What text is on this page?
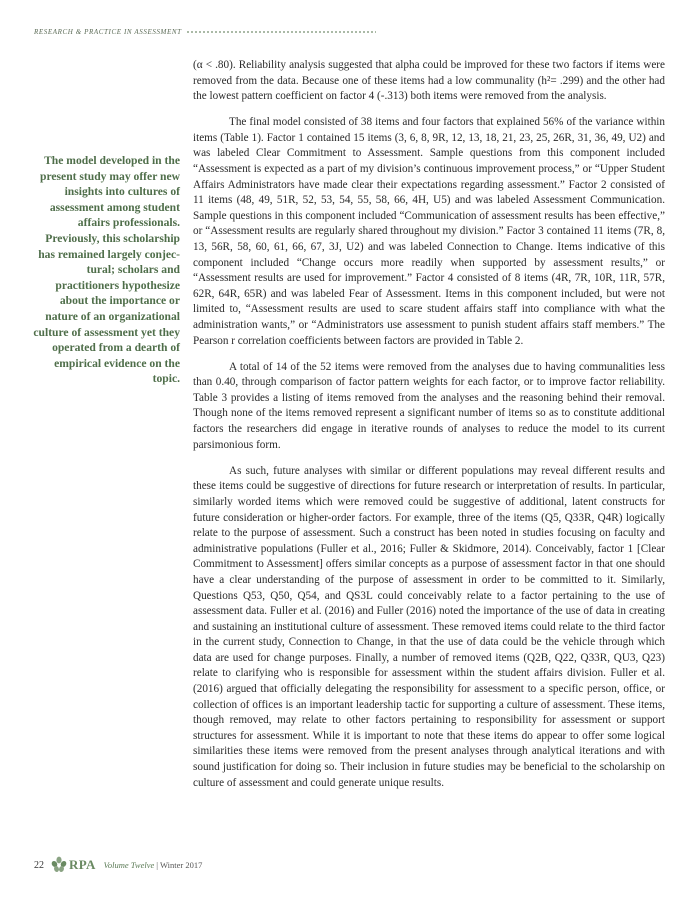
RESEARCH & PRACTICE IN ASSESSMENT

The model developed in the present study may offer new insights into cultures of assessment among student affairs professionals. Previously, this scholarship has remained largely conjectural; scholars and practitioners hypothesize about the importance or nature of an organizational culture of assessment yet they operated from a dearth of empirical evidence on the topic.

(α < .80). Reliability analysis suggested that alpha could be improved for these two factors if items were removed from the data. Because one of these items had a low communality (h²= .299) and the other had the lowest pattern coefficient on factor 4 (-.313) both items were removed from the analysis.

The final model consisted of 38 items and four factors that explained 56% of the variance within items (Table 1). Factor 1 contained 15 items (3, 6, 8, 9R, 12, 13, 18, 21, 23, 25, 26R, 31, 36, 49, U2) and was labeled Clear Commitment to Assessment. Sample questions from this component included “Assessment is expected as a part of my division’s continuous improvement process,” or “Upper Student Affairs Administrators have made clear their expectations regarding assessment.” Factor 2 consisted of 11 items (48, 49, 51R, 52, 53, 54, 55, 58, 66, 4H, U5) and was labeled Assessment Communication. Sample questions in this component included “Communication of assessment results has been effective,” or “Assessment results are regularly shared throughout my division.” Factor 3 contained 11 items (7R, 8, 13, 56R, 58, 60, 61, 66, 67, 3J, U2) and was labeled Connection to Change. Items indicative of this component included “Change occurs more readily when supported by assessment results,” or “Assessment results are used for improvement.” Factor 4 consisted of 8 items (4R, 7R, 10R, 11R, 57R, 62R, 64R, 65R) and was labeled Fear of Assessment. Items in this component included, but were not limited to, “Assessment results are used to scare student affairs staff into compliance with what the administration wants,” or “Administrators use assessment to punish student affairs staff members.” The Pearson r correlation coefficients between factors are provided in Table 2.

A total of 14 of the 52 items were removed from the analyses due to having communalities less than 0.40, through comparison of factor pattern weights for each factor, or to improve factor reliability. Table 3 provides a listing of items removed from the analyses and the reasoning behind their removal. Though none of the items removed represent a significant number of items so as to constitute additional factors the researchers did engage in iterative rounds of analyses to reduce the model to its current parsimonious form.

As such, future analyses with similar or different populations may reveal different results and these items could be suggestive of directions for future research or interpretation of results. In particular, similarly worded items which were removed could be suggestive of additional, latent constructs for future consideration or higher-order factors. For example, three of the items (Q5, Q33R, Q4R) logically relate to the purpose of assessment. Such a construct has been noted in studies focusing on faculty and administrative populations (Fuller et al., 2016; Fuller & Skidmore, 2014). Conceivably, factor 1 [Clear Commitment to Assessment] offers similar concepts as a purpose of assessment factor in that one should have a clear understanding of the purpose of assessment in order to be committed to it. Similarly, Questions Q53, Q50, Q54, and QS3L could conceivably relate to a factor pertaining to the use of assessment data. Fuller et al. (2016) and Fuller (2016) noted the importance of the use of data in creating and sustaining an institutional culture of assessment. These removed items could relate to the third factor in the current study, Connection to Change, in that the use of data could be the vehicle through which data are used for change purposes. Finally, a number of removed items (Q2B, Q22, Q33R, QU3, Q23) relate to clarifying who is responsible for assessment within the student affairs division. Fuller et al. (2016) argued that officially delegating the responsibility for assessment to a specific person, office, or collection of offices is an important leadership tactic for supporting a culture of assessment. These items, though removed, may relate to other factors pertaining to responsibility for assessment or support structures for assessment. While it is important to note that these items do appear to offer some logical similarities these items were removed from the present analyses through analytical iterations and with sound justification for doing so. Their inclusion in future studies may be beneficial to the scholarship on culture of assessment and could generate unique results.

22 RPA Volume Twelve | Winter 2017
